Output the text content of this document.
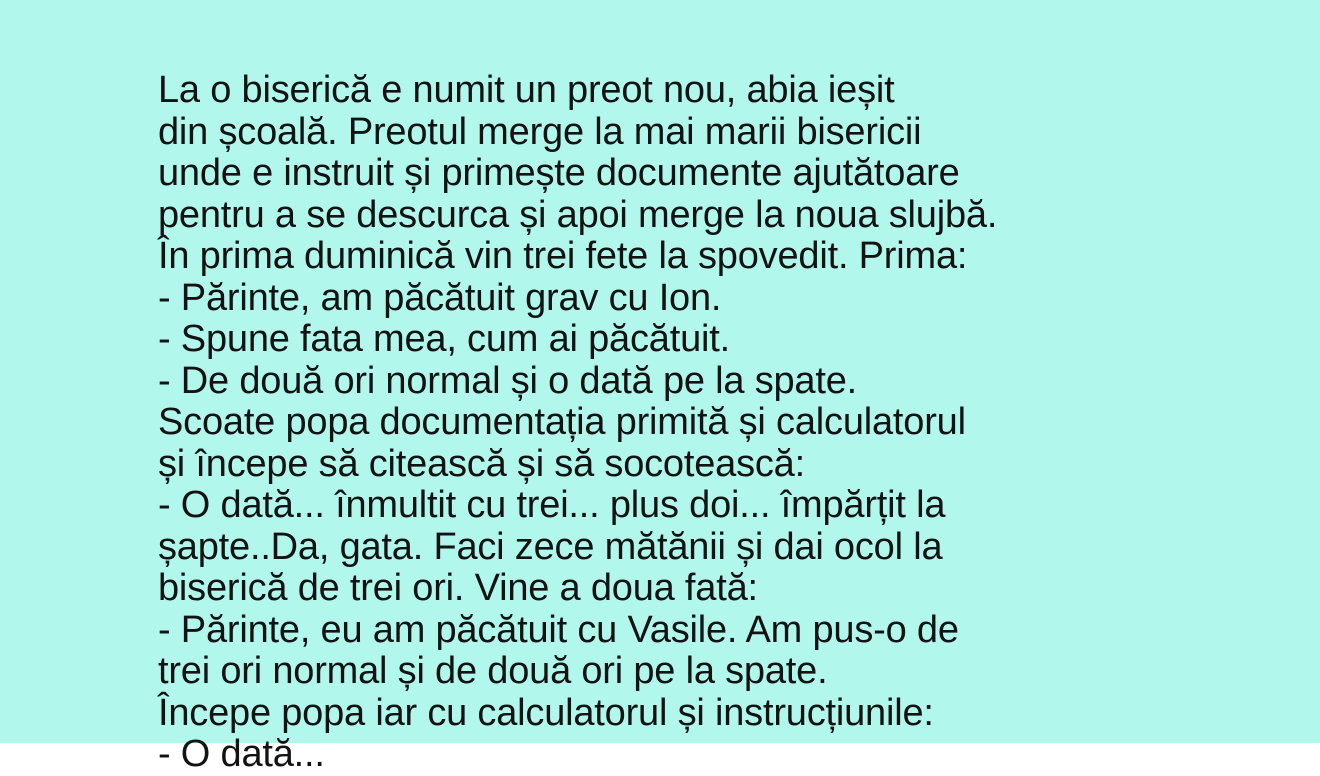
La o biserică e numit un preot nou, abia ieșit
din școală. Preotul merge la mai marii bisericii
unde e instruit și primește documente ajutătoare
pentru a se descurca și apoi merge la noua slujbă.
În prima duminică vin trei fete la spovedit. Prima:
- Părinte, am păcătuit grav cu Ion.
- Spune fata mea, cum ai păcătuit.
- De două ori normal și o dată pe la spate.
Scoate popa documentația primită și calculatorul
și începe să citească și să socotească:
- O dată... înmultit cu trei... plus doi... împărțit la
șapte..Da, gata. Faci zece mătănii și dai ocol la
biserică de trei ori. Vine a doua fată:
- Părinte, eu am păcătuit cu Vasile. Am pus-o de
trei ori normal și de două ori pe la spate.
Începe popa iar cu calculatorul și instrucțiunile:
- O dată...
